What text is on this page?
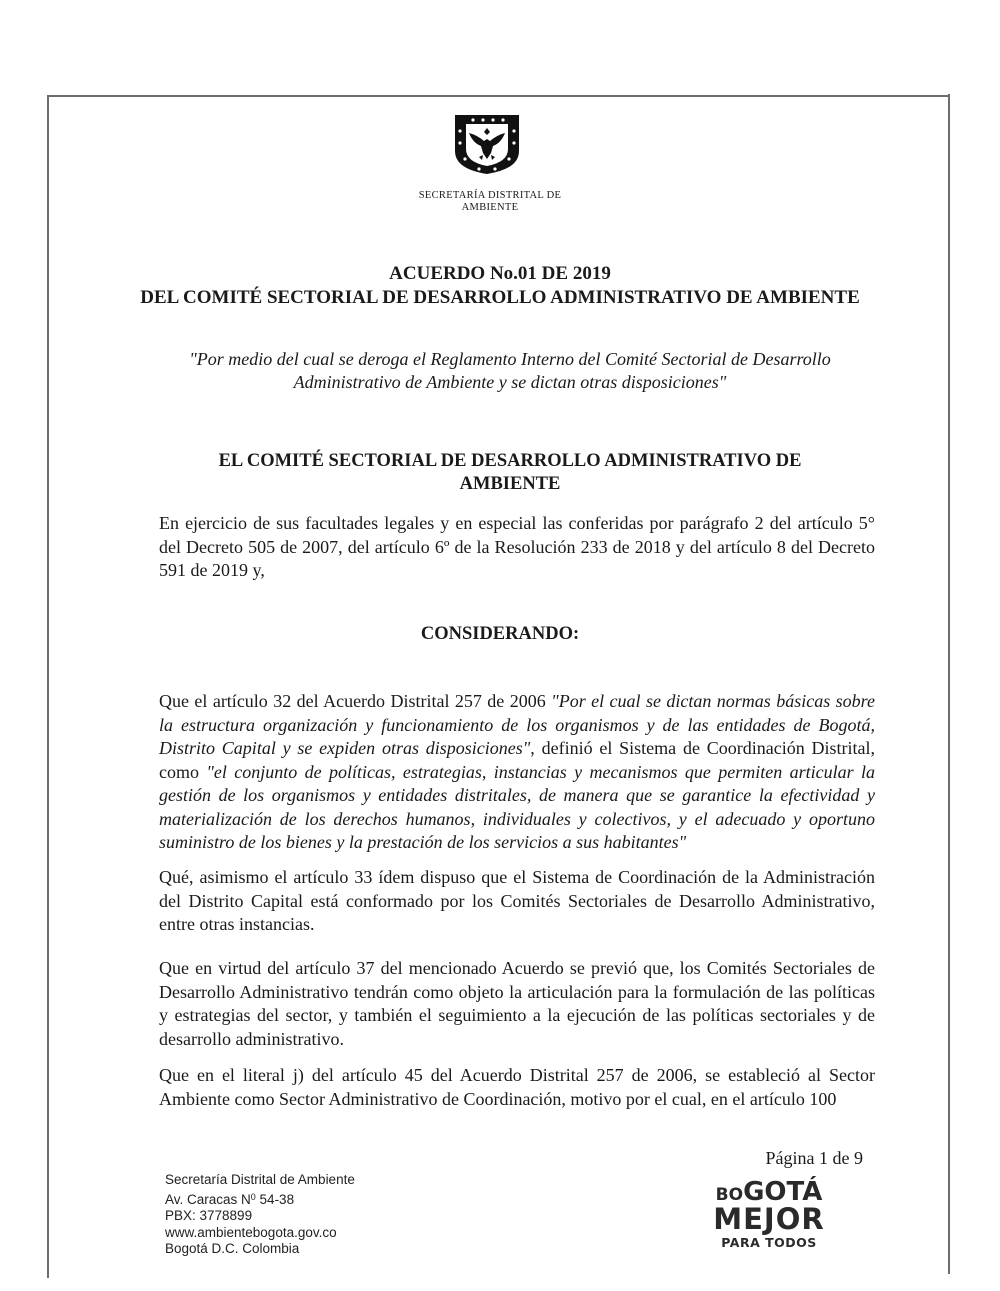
SECRETARÍA DISTRITAL DE
AMBIENTE
ACUERDO No.01 DE 2019
DEL COMITÉ SECTORIAL DE DESARROLLO ADMINISTRATIVO DE AMBIENTE
"Por medio del cual se deroga el Reglamento Interno del Comité Sectorial de Desarrollo
Administrativo de Ambiente y se dictan otras disposiciones"
EL COMITÉ SECTORIAL DE DESARROLLO ADMINISTRATIVO DE
AMBIENTE
En ejercicio de sus facultades legales y en especial las conferidas por parágrafo 2 del artículo 5° del Decreto 505 de 2007, del artículo 6º de la Resolución 233 de 2018 y del artículo 8 del Decreto 591 de 2019 y,
CONSIDERANDO:
Que el artículo 32 del Acuerdo Distrital 257 de 2006 "Por el cual se dictan normas básicas sobre la estructura organización y funcionamiento de los organismos y de las entidades de Bogotá, Distrito Capital y se expiden otras disposiciones", definió el Sistema de Coordinación Distrital, como "el conjunto de políticas, estrategias, instancias y mecanismos que permiten articular la gestión de los organismos y entidades distritales, de manera que se garantice la efectividad y materialización de los derechos humanos, individuales y colectivos, y el adecuado y oportuno suministro de los bienes y la prestación de los servicios a sus habitantes"
Qué, asimismo el artículo 33 ídem dispuso que el Sistema de Coordinación de la Administración del Distrito Capital está conformado por los Comités Sectoriales de Desarrollo Administrativo, entre otras instancias.
Que en virtud del artículo 37 del mencionado Acuerdo se previó que, los Comités Sectoriales de Desarrollo Administrativo tendrán como objeto la articulación para la formulación de las políticas y estrategias del sector, y también el seguimiento a la ejecución de las políticas sectoriales y de desarrollo administrativo.
Que en el literal j) del artículo 45 del Acuerdo Distrital 257 de 2006, se estableció al Sector Ambiente como Sector Administrativo de Coordinación, motivo por el cual, en el artículo 100
Página 1 de 9
Secretaría Distrital de Ambiente
Av. Caracas $N^0$ 54-38
PBX: 3778899
www.ambientebogota.gov.co
Bogotá D.C. Colombia
BOGOTÁ
MEJOR
PARA TODOS
